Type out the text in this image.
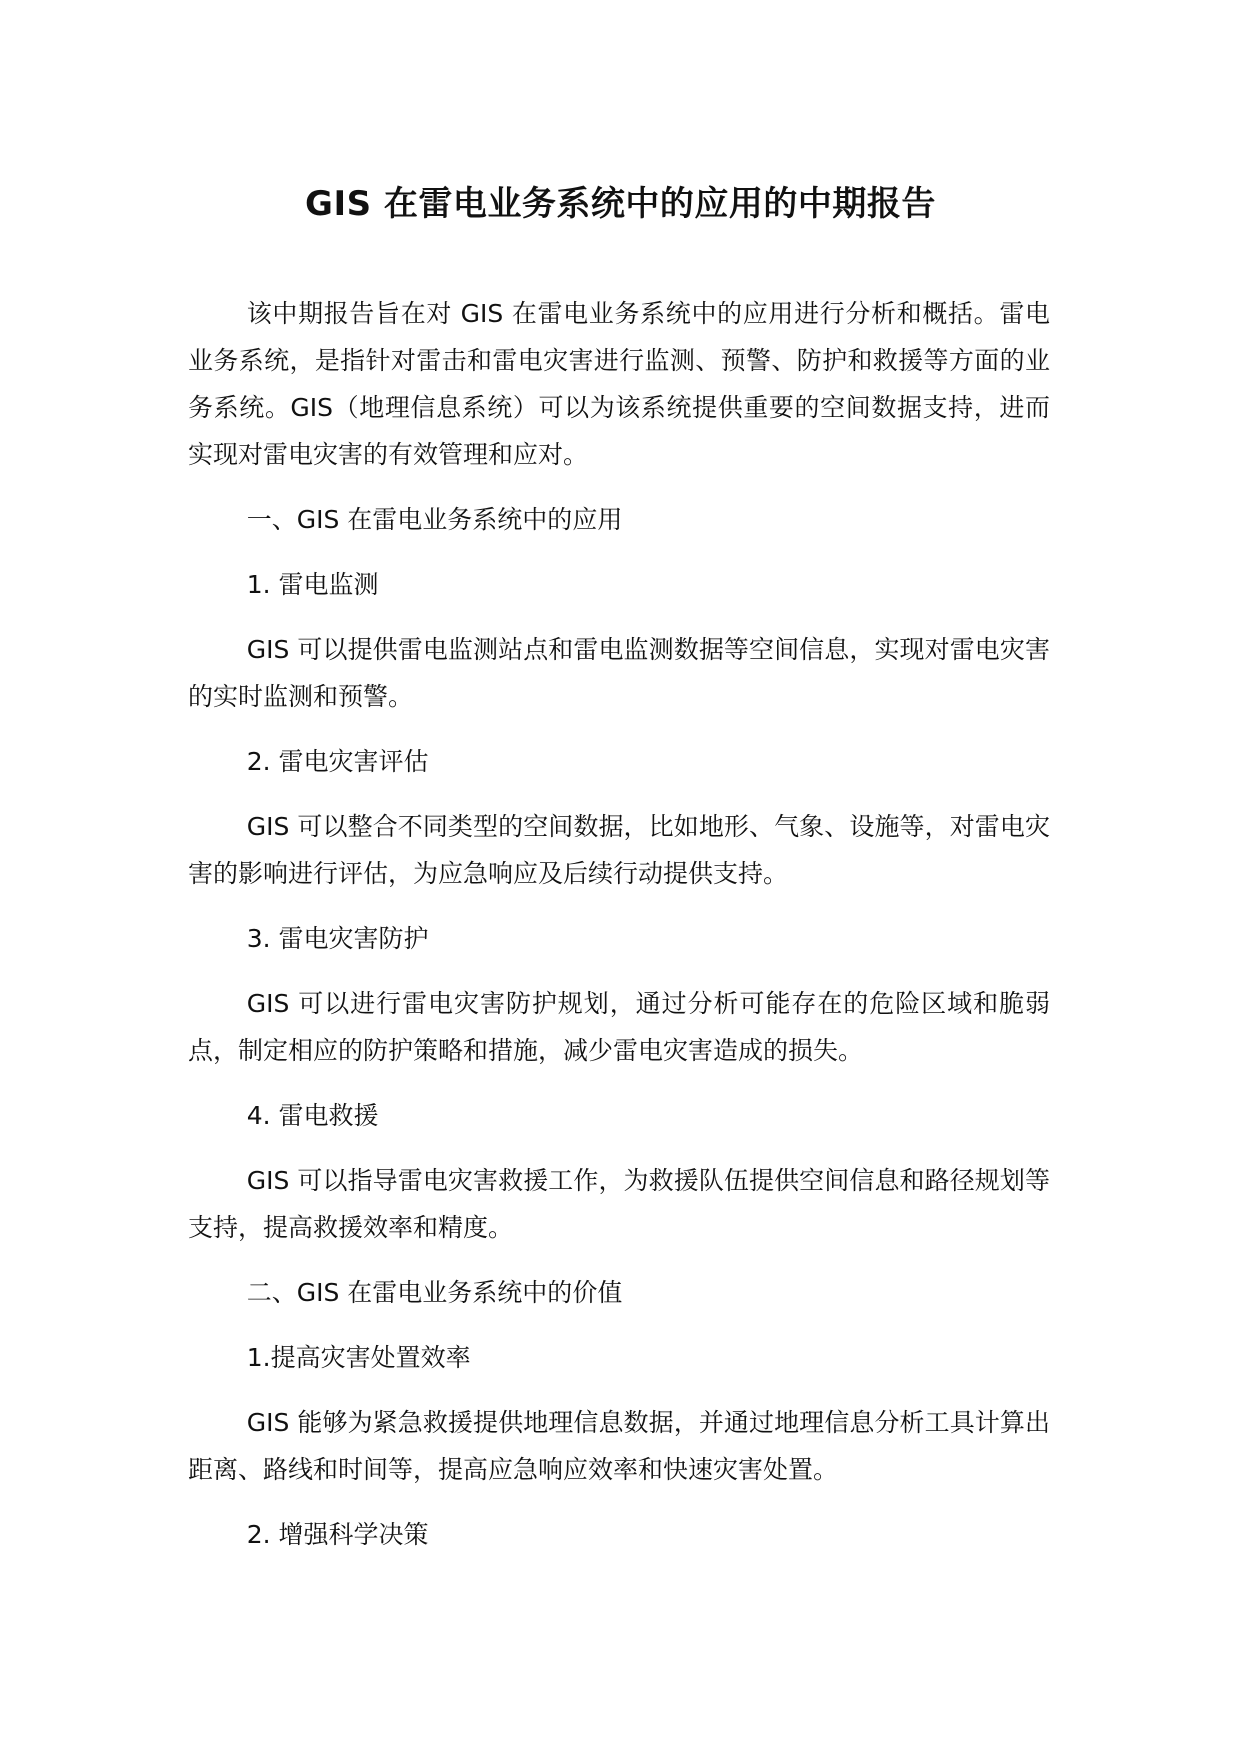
GIS 在雷电业务系统中的应用的中期报告

该中期报告旨在对 GIS 在雷电业务系统中的应用进行分析和概括。雷电业务系统，是指针对雷击和雷电灾害进行监测、预警、防护和救援等方面的业务系统。GIS（地理信息系统）可以为该系统提供重要的空间数据支持，进而实现对雷电灾害的有效管理和应对。

一、GIS 在雷电业务系统中的应用

1. 雷电监测

GIS 可以提供雷电监测站点和雷电监测数据等空间信息，实现对雷电灾害的实时监测和预警。

2. 雷电灾害评估

GIS 可以整合不同类型的空间数据，比如地形、气象、设施等，对雷电灾害的影响进行评估，为应急响应及后续行动提供支持。

3. 雷电灾害防护

GIS 可以进行雷电灾害防护规划，通过分析可能存在的危险区域和脆弱点，制定相应的防护策略和措施，减少雷电灾害造成的损失。

4. 雷电救援

GIS 可以指导雷电灾害救援工作，为救援队伍提供空间信息和路径规划等支持，提高救援效率和精度。

二、GIS 在雷电业务系统中的价值

1.提高灾害处置效率

GIS 能够为紧急救援提供地理信息数据，并通过地理信息分析工具计算出距离、路线和时间等，提高应急响应效率和快速灾害处置。

2. 增强科学决策
